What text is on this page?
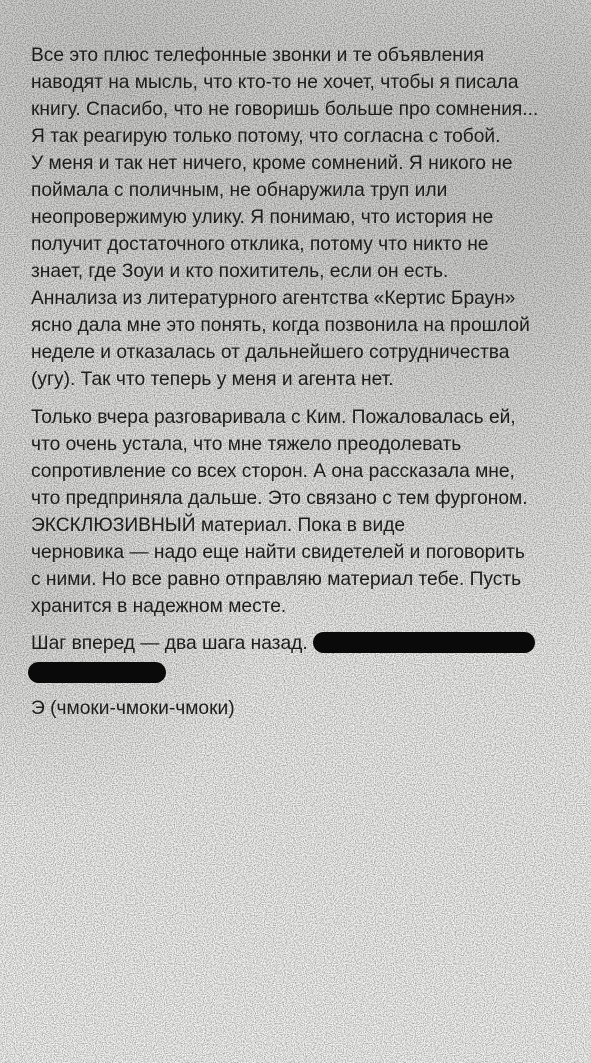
Все это плюс телефонные звонки и те объявления
наводят на мысль, что кто-то не хочет, чтобы я писала
книгу. Спасибо, что не говоришь больше про сомнения...
Я так реагирую только потому, что согласна с тобой.
У меня и так нет ничего, кроме сомнений. Я никого не
поймала с поличным, не обнаружила труп или
неопровержимую улику. Я понимаю, что история не
получит достаточного отклика, потому что никто не
знает, где Зоуи и кто похититель, если он есть.
Аннализа из литературного агентства «Кертис Браун»
ясно дала мне это понять, когда позвонила на прошлой
неделе и отказалась от дальнейшего сотрудничества
(угу). Так что теперь у меня и агента нет.

Только вчера разговаривала с Ким. Пожаловалась ей,
что очень устала, что мне тяжело преодолевать
сопротивление со всех сторон. А она рассказала мне,
что предприняла дальше. Это связано с тем фургоном.
ЭКСКЛЮЗИВНЫЙ материал. Пока в виде
черновика — надо еще найти свидетелей и поговорить
с ними. Но все равно отправляю материал тебе. Пусть
хранится в надежном месте.

Шаг вперед — два шага назад.

Э (чмоки-чмоки-чмоки)
